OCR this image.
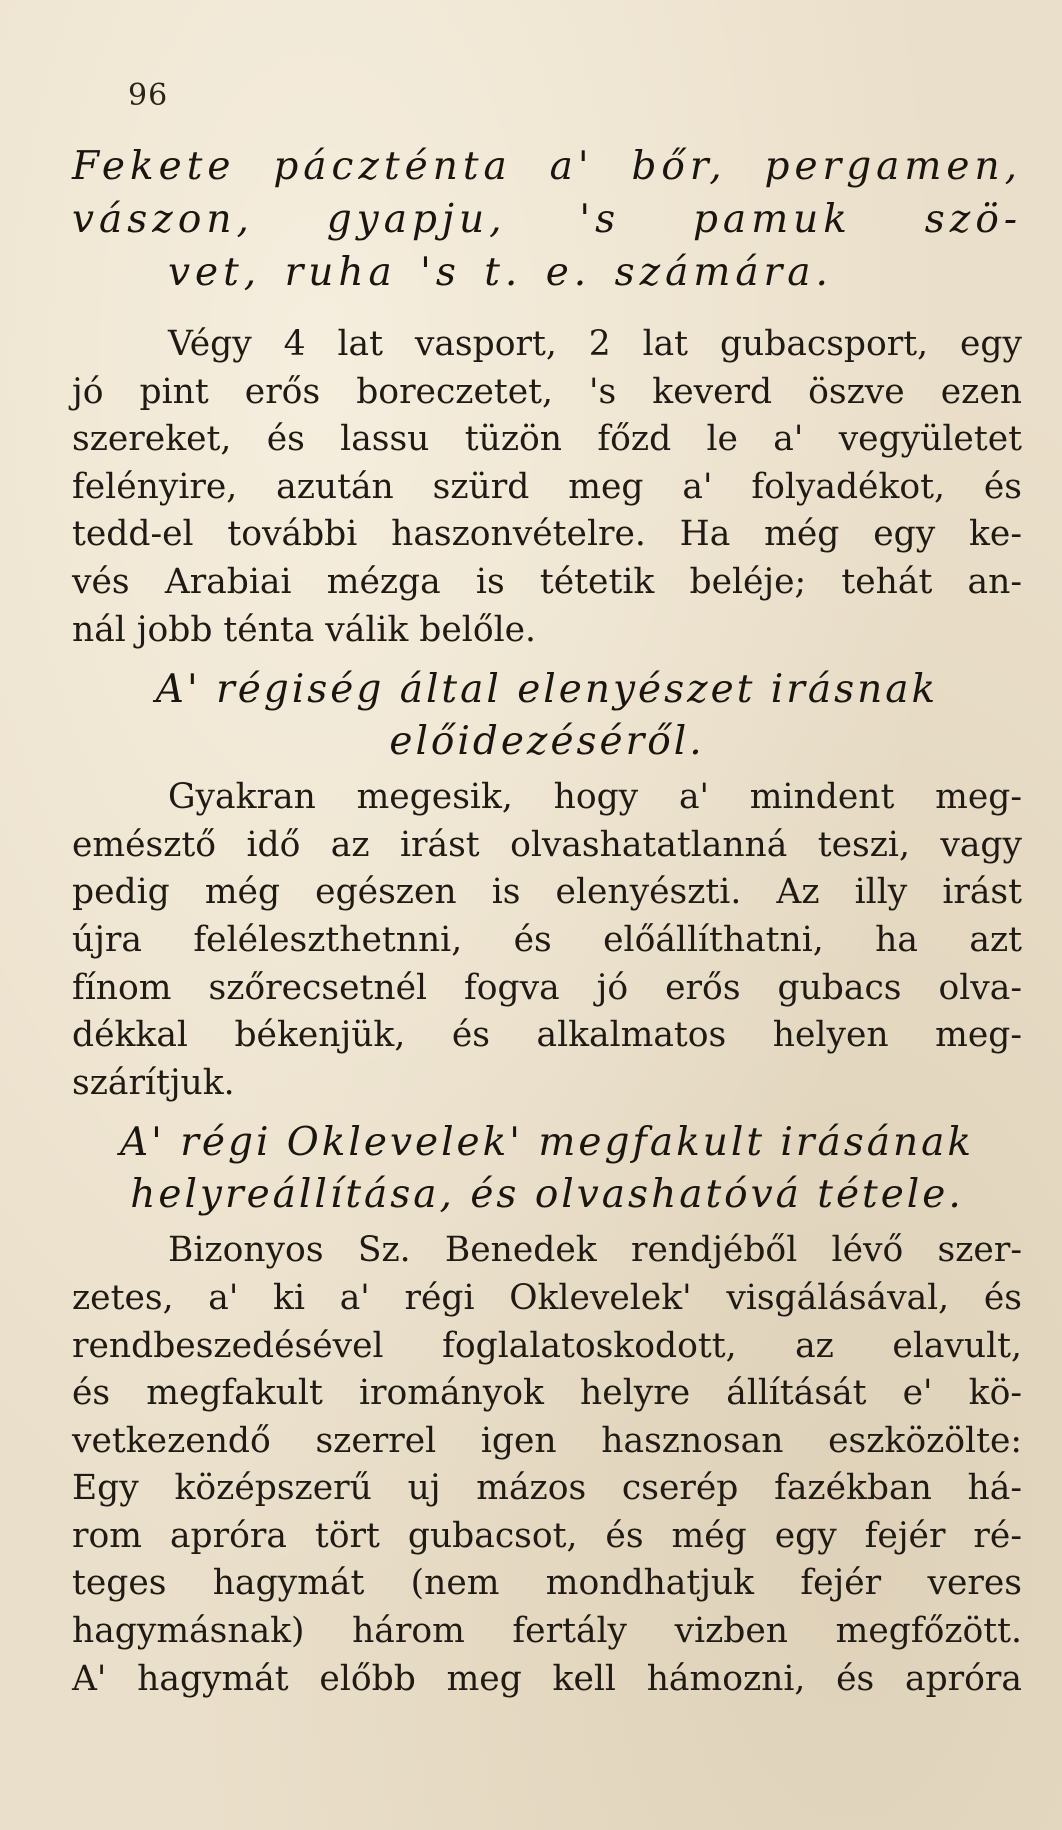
96
Fekete páczténta a' bőr, pergamen,
vászon, gyapju, 's pamuk szö-
vet, ruha 's t. e. számára.
Végy 4 lat vasport, 2 lat gubacsport, egy
jó pint erős boreczetet, 's keverd öszve ezen
szereket, és lassu tüzön főzd le a' vegyületet
felényire, azután szürd meg a' folyadékot, és
tedd-el további haszonvételre. Ha még egy ke-
vés Arabiai mézga is tétetik beléje; tehát an-
nál jobb ténta válik belőle.
A' régiség által elenyészet irásnak
előidezéséről.
Gyakran megesik, hogy a' mindent meg-
emésztő idő az irást olvashatatlanná teszi, vagy
pedig még egészen is elenyészti. Az illy irást
újra feléleszthetnni, és előállíthatni, ha azt
fínom szőrecsetnél fogva jó erős gubacs olva-
dékkal békenjük, és alkalmatos helyen meg-
szárítjuk.
A' régi Oklevelek' megfakult irásának
helyreállítása, és olvashatóvá tétele.
Bizonyos Sz. Benedek rendjéből lévő szer-
zetes, a' ki a' régi Oklevelek' visgálásával, és
rendbeszedésével foglalatoskodott, az elavult,
és megfakult irományok helyre állítását e' kö-
vetkezendő szerrel igen hasznosan eszközölte:
Egy középszerű uj mázos cserép fazékban há-
rom apróra tört gubacsot, és még egy fejér ré-
teges hagymát (nem mondhatjuk fejér veres
hagymásnak) három fertály vizben megfőzött.
A' hagymát előbb meg kell hámozni, és apróra
